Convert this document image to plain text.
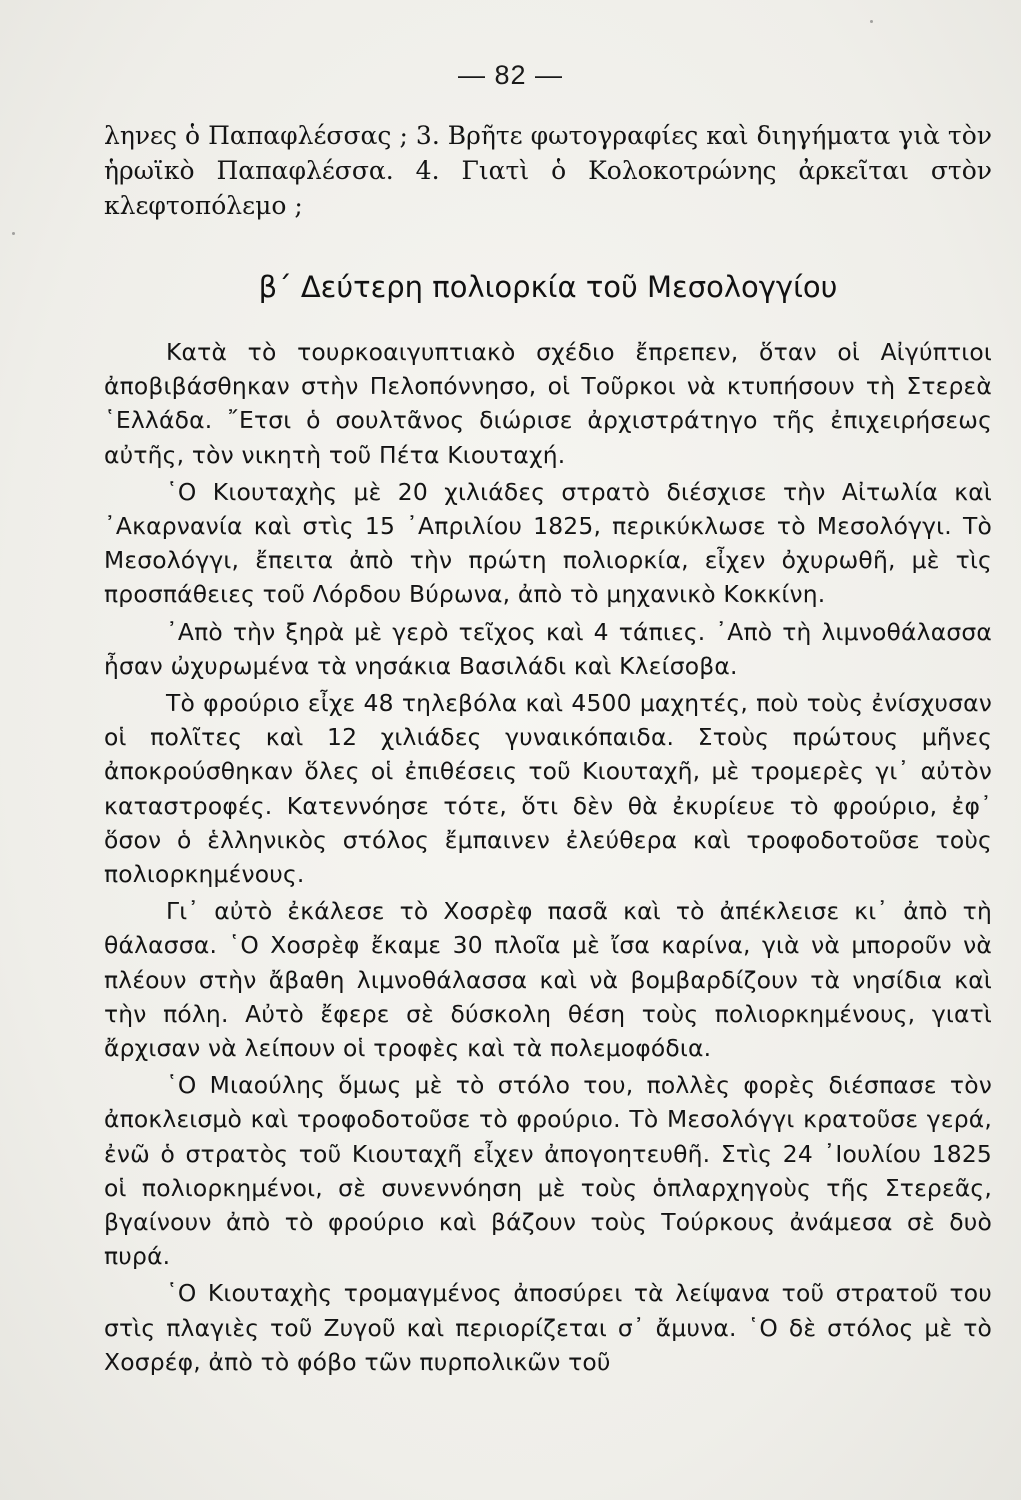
— 82 —

ληνες ὁ Παπαφλέσσας ; 3. Βρῆτε φωτογραφίες καὶ διηγήματα γιὰ τὸν ἡρωϊκὸ Παπαφλέσσα. 4. Γιατὶ ὁ Κολοκοτρώνης ἀρκεῖται στὸν κλεφτοπόλεμο ;

β΄ Δεύτερη πολιορκία τοῦ Μεσολογγίου

Κατὰ τὸ τουρκοαιγυπτιακὸ σχέδιο ἔπρεπεν, ὅταν οἱ Αἰγύπτιοι ἀποβιβάσθηκαν στὴν Πελοπόννησο, οἱ Τοῦρκοι νὰ κτυπήσουν τὴ Στερεὰ ῾Ελλάδα. ῎Ετσι ὁ σουλτᾶνος διώρισε ἀρχιστράτηγο τῆς ἐπιχειρήσεως αὐτῆς, τὸν νικητὴ τοῦ Πέτα Κιουταχή.

῾Ο Κιουταχὴς μὲ 20 χιλιάδες στρατὸ διέσχισε τὴν Αἰτωλία καὶ ᾿Ακαρνανία καὶ στὶς 15 ᾿Απριλίου 1825, περικύκλωσε τὸ Μεσολόγγι. Τὸ Μεσολόγγι, ἔπειτα ἀπὸ τὴν πρώτη πολιορκία, εἶχεν ὀχυρωθῆ, μὲ τὶς προσπάθειες τοῦ Λόρδου Βύρωνα, ἀπὸ τὸ μηχανικὸ Κοκκίνη.

᾿Απὸ τὴν ξηρὰ μὲ γερὸ τεῖχος καὶ 4 τάπιες. ᾿Απὸ τὴ λιμνοθάλασσα ἦσαν ὠχυρωμένα τὰ νησάκια Βασιλάδι καὶ Κλείσοβα.

Τὸ φρούριο εἶχε 48 τηλεβόλα καὶ 4500 μαχητές, ποὺ τοὺς ἐνίσχυσαν οἱ πολῖτες καὶ 12 χιλιάδες γυναικόπαιδα. Στοὺς πρώτους μῆνες ἀποκρούσθηκαν ὅλες οἱ ἐπιθέσεις τοῦ Κιουταχῆ, μὲ τρομερὲς γι᾿ αὐτὸν καταστροφές. Κατεννόησε τότε, ὅτι δὲν θὰ ἐκυρίευε τὸ φρούριο, ἐφ᾿ ὅσον ὁ ἑλληνικὸς στόλος ἔμπαινεν ἐλεύθερα καὶ τροφοδοτοῦσε τοὺς πολιορκημένους.

Γι᾿ αὐτὸ ἐκάλεσε τὸ Χοσρὲφ πασᾶ καὶ τὸ ἀπέκλεισε κι᾿ ἀπὸ τὴ θάλασσα. ῾Ο Χοσρὲφ ἔκαμε 30 πλοῖα μὲ ἴσα καρίνα, γιὰ νὰ μποροῦν νὰ πλέουν στὴν ἄβαθη λιμνοθάλασσα καὶ νὰ βομβαρδίζουν τὰ νησίδια καὶ τὴν πόλη. Αὐτὸ ἔφερε σὲ δύσκολη θέση τοὺς πολιορκημένους, γιατὶ ἄρχισαν νὰ λείπουν οἱ τροφὲς καὶ τὰ πολεμοφόδια.

῾Ο Μιαούλης ὅμως μὲ τὸ στόλο του, πολλὲς φορὲς διέσπασε τὸν ἀποκλεισμὸ καὶ τροφοδοτοῦσε τὸ φρούριο. Τὸ Μεσολόγγι κρατοῦσε γερά, ἐνῶ ὁ στρατὸς τοῦ Κιουταχῆ εἶχεν ἀπογοητευθῆ. Στὶς 24 ᾿Ιουλίου 1825 οἱ πολιορκημένοι, σὲ συνεννόηση μὲ τοὺς ὁπλαρχηγοὺς τῆς Στερεᾶς, βγαίνουν ἀπὸ τὸ φρούριο καὶ βάζουν τοὺς Τούρκους ἀνάμεσα σὲ δυὸ πυρά.

῾Ο Κιουταχὴς τρομαγμένος ἀποσύρει τὰ λείψανα τοῦ στρατοῦ του στὶς πλαγιὲς τοῦ Ζυγοῦ καὶ περιορίζεται σ᾿ ἄμυνα. ῾Ο δὲ στόλος μὲ τὸ Χοσρέφ, ἀπὸ τὸ φόβο τῶν πυρπολικῶν τοῦ
